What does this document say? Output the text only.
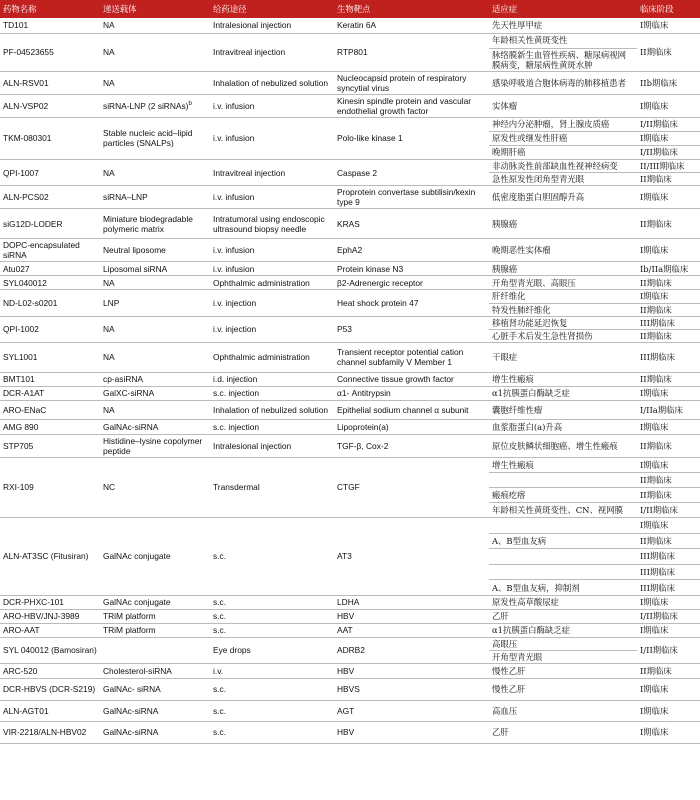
药物名称	递送载体	给药途径	生物靶点	适应症	临床阶段
TD101	NA	Intralesional injection	Keratin 6A	先天性厚甲症	I期临床
PF-04523655	NA	Intravitreal injection	RTP801	年龄相关性黄斑变性	II期临床
				脉络膜新生血管性疾病、糖尿病视网膜病变，糖尿病性黄斑水肿	
ALN-RSV01	NA	Inhalation of nebulized solution	Nucleocapsid protein of respiratory syncytial virus	感染呼吸道合胞体病毒的肺移植患者	IIb期临床
ALN-VSP02	siRNA-LNP (2 siRNAs)$^b$	i.v. infusion	Kinesin spindle protein and vascular endothelial growth factor	实体瘤	I期临床
TKM-080301	Stable nucleic acid–lipid particles (SNALPs)	i.v. infusion	Polo-like kinase 1	神经内分泌肿瘤，肾上腺皮质癌	I/II期临床
				原发性或继发性肝癌	I期临床
				晚期肝癌	I/II期临床
QPI-1007	NA	Intravitreal injection	Caspase 2	非动脉炎性前部缺血性视神经病变	II/III期临床
				急性原发性闭角型青光眼	II期临床
ALN-PCS02	siRNA–LNP	i.v. infusion	Proprotein convertase subtilisin/kexin type 9	低密度脂蛋白胆固醇升高	I期临床
siG12D-LODER	Miniature biodegradable polymeric matrix	Intratumoral using endoscopic ultrasound biopsy needle	KRAS	胰腺癌	II期临床
DOPC-encapsulated siRNA	Neutral liposome	i.v. infusion	EphA2	晚期恶性实体瘤	I期临床
Atu027	Liposomal siRNA	i.v. infusion	Protein kinase N3	胰腺癌	Ib/IIa期临床
SYL040012	NA	Ophthalmic administration	β2-Adrenergic receptor	开角型青光眼、高眼压	II期临床
ND-L02-s0201	LNP	i.v. injection	Heat shock protein 47	肝纤维化	I期临床
				特发性肺纤维化	II期临床
QPI-1002	NA	i.v. injection	P53	移植肾功能延迟恢复	III期临床
				心脏手术后发生急性肾损伤	II期临床
SYL1001	NA	Ophthalmic administration	Transient receptor potential cation channel subfamily V Member 1	干眼症	III期临床
BMT101	cp-asiRNA	i.d. injection	Connective tissue growth factor	增生性瘢痕	II期临床
DCR-A1AT	GalXC-siRNA	s.c. injection	α1- Antitrypsin	α1抗胰蛋白酶缺乏症	I期临床
ARO-ENaC	NA	Inhalation of nebulized solution	Epithelial sodium channel α subunit	囊胞纤维性瘤	I/IIa期临床
AMG 890	GalNAc-siRNA	s.c. injection	Lipoprotein(a)	血浆脂蛋白(a)升高	I期临床
STP705	Histidine–lysine copolymer peptide	Intralesional injection	TGF-β, Cox-2	原位皮肤鳞状细胞癌、增生性瘢痕	II期临床
RXI-109	NC	Transdermal	CTGF	增生性瘢痕	I期临床
					II期临床
				瘢痕疙瘩	II期临床
				年龄相关性黄斑变性、CN、视网膜	I/II期临床
ALN-AT3SC (Fitusiran)	GalNAc conjugate	s.c.	AT3		I期临床
				A、B型血友病	II期临床
					III期临床
					III期临床
				A、B型血友病，抑制剂	III期临床
DCR-PHXC-101	GalNAc conjugate	s.c.	LDHA	原发性高草酸尿症	I期临床
ARO-HBV/JNJ-3989	TRiM platform	s.c.	HBV	乙肝	I/II期临床
ARO-AAT	TRiM platform	s.c.	AAT	α1抗胰蛋白酶缺乏症	I期临床
SYL 040012 (Bamosiran)		Eye drops	ADRB2	高眼压	I/II期临床
				开角型青光眼	
ARC-520	Cholesterol-siRNA	i.v.	HBV	慢性乙肝	II期临床
DCR-HBVS (DCR-S219)	GalNAc- siRNA	s.c.	HBVS	慢性乙肝	I期临床
ALN-AGT01	GalNAc-siRNA	s.c.	AGT	高血压	I期临床
VIR-2218/ALN-HBV02	GalNAc-siRNA	s.c.	HBV	乙肝	I期临床
